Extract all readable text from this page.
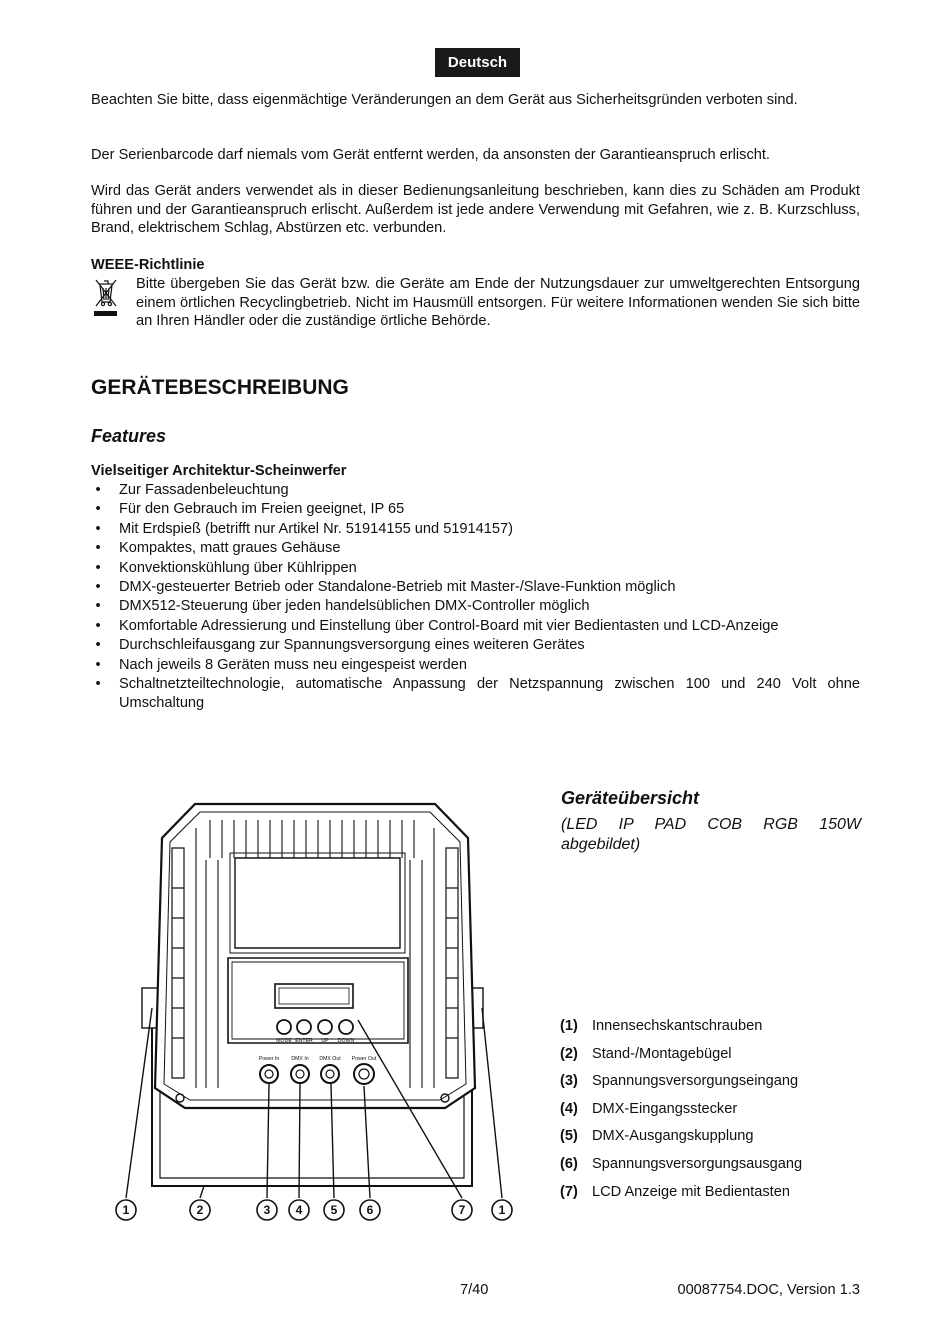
Deutsch

Beachten Sie bitte, dass eigenmächtige Veränderungen an dem Gerät aus Sicherheitsgründen verboten sind.

Der Serienbarcode darf niemals vom Gerät entfernt werden, da ansonsten der Garantieanspruch erlischt.

Wird das Gerät anders verwendet als in dieser Bedienungsanleitung beschrieben, kann dies zu Schäden am Produkt führen und der Garantieanspruch erlischt. Außerdem ist jede andere Verwendung mit Gefahren, wie z. B. Kurzschluss, Brand, elektrischem Schlag, Abstürzen etc. verbunden.

WEEE-Richtlinie

Bitte übergeben Sie das Gerät bzw. die Geräte am Ende der Nutzungsdauer zur umweltgerechten Entsorgung einem örtlichen Recyclingbetrieb. Nicht im Hausmüll entsorgen. Für weitere Informationen wenden Sie sich bitte an Ihren Händler oder die zuständige örtliche Behörde.

GERÄTEBESCHREIBUNG
Features
Vielseitiger Architektur-Scheinwerfer
• Zur Fassadenbeleuchtung
• Für den Gebrauch im Freien geeignet, IP 65
• Mit Erdspieß (betrifft nur Artikel Nr. 51914155 und 51914157)
• Kompaktes, matt graues Gehäuse
• Konvektionskühlung über Kühlrippen
• DMX-gesteuerter Betrieb oder Standalone-Betrieb mit Master-/Slave-Funktion möglich
• DMX512-Steuerung über jeden handelsüblichen DMX-Controller möglich
• Komfortable Adressierung und Einstellung über Control-Board mit vier Bedientasten und LCD-Anzeige
• Durchschleifausgang zur Spannungsversorgung eines weiteren Gerätes
• Nach jeweils 8 Geräten muss neu eingespeist werden
• Schaltnetzteiltechnologie, automatische Anpassung der Netzspannung zwischen 100 und 240 Volt ohne Umschaltung
MODE ENTER UP DOWN
Power In DMX In DMX Out Power Out
1	2	3 4 5 6	7	1
Geräteübersicht
(LED IP PAD COB RGB 150W
abgebildet)
(1) Innensechskantschrauben
(2) Stand-/Montagebügel
(3) Spannungsversorgungseingang
(4) DMX-Eingangsstecker
(5) DMX-Ausgangskupplung
(6) Spannungsversorgungsausgang
(7) LCD Anzeige mit Bedientasten
7/40	00087754.DOC, Version 1.3
